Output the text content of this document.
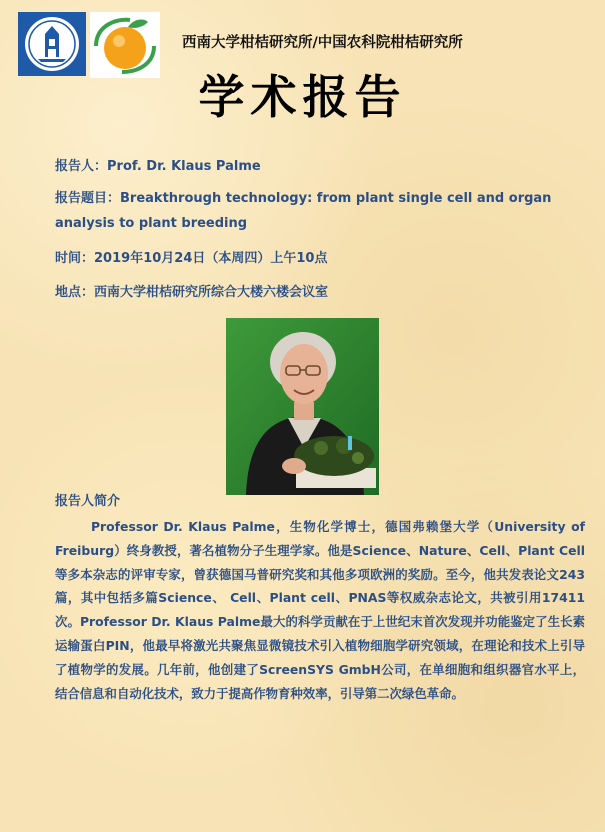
西南大学柑桔研究所/中国农科院柑桔研究所
学术报告
报告人：Prof. Dr. Klaus Palme
报告题目：Breakthrough technology: from plant single cell and organ
analysis to plant breeding
时间：2019年10月24日（本周四）上午10点
地点：西南大学柑桔研究所综合大楼六楼会议室
报告人简介
Professor Dr. Klaus Palme，生物化学博士，德国弗赖堡大学（University of Freiburg）终身教授，著名植物分子生理学家。他是Science、Nature、Cell、Plant Cell等多本杂志的评审专家，曾获德国马普研究奖和其他多项欧洲的奖励。至今，他共发表论文243篇，其中包括多篇Science、 Cell、Plant cell、PNAS等权威杂志论文，共被引用17411次。Professor Dr. Klaus Palme最大的科学贡献在于上世纪末首次发现并功能鉴定了生长素运输蛋白PIN，他最早将激光共聚焦显微镜技术引入植物细胞学研究领域，在理论和技术上引导了植物学的发展。几年前，他创建了ScreenSYS GmbH公司，在单细胞和组织器官水平上，结合信息和自动化技术，致力于提高作物育种效率，引导第二次绿色革命。
